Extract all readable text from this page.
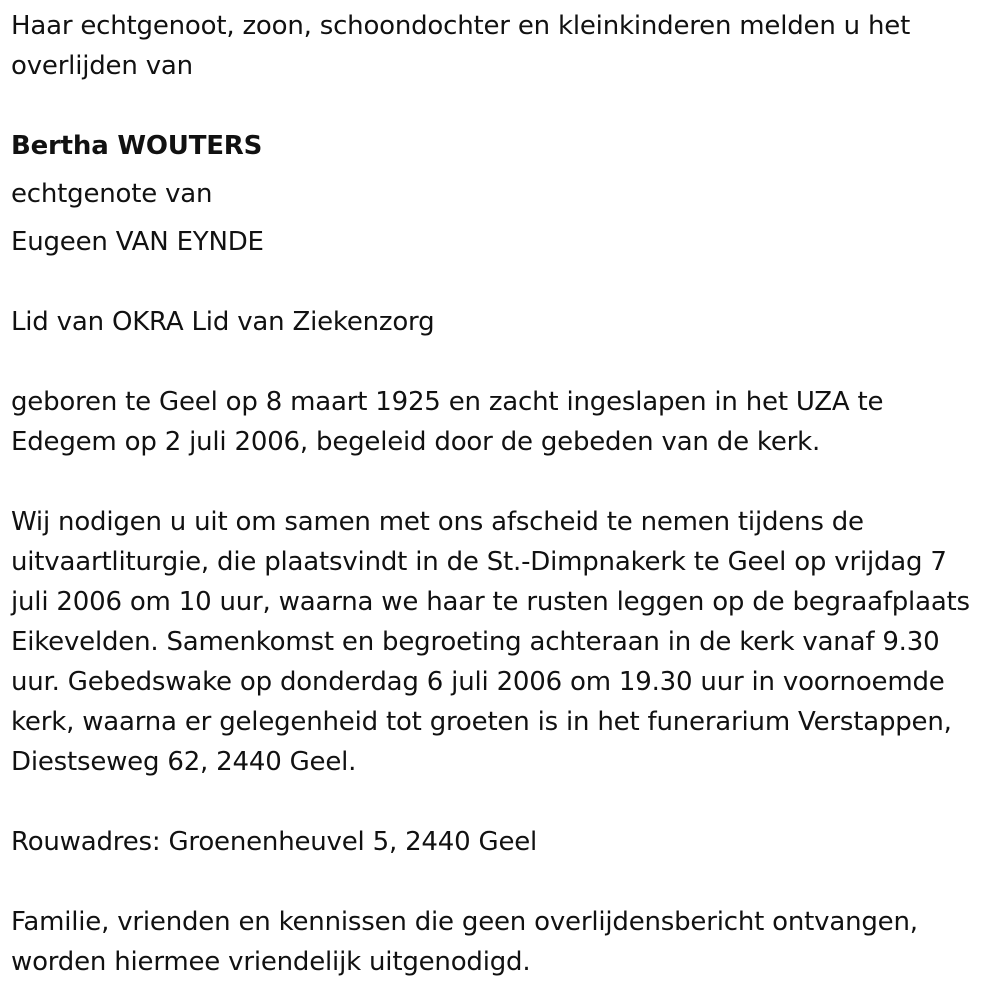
Haar echtgenoot, zoon, schoondochter en kleinkinderen melden u het overlijden van

Bertha WOUTERS

echtgenote van

Eugeen VAN EYNDE

Lid van OKRA Lid van Ziekenzorg

geboren te Geel op 8 maart 1925 en zacht ingeslapen in het UZA te Edegem op 2 juli 2006, begeleid door de gebeden van de kerk.

Wij nodigen u uit om samen met ons afscheid te nemen tijdens de uitvaartliturgie, die plaatsvindt in de St.-Dimpnakerk te Geel op vrijdag 7 juli 2006 om 10 uur, waarna we haar te rusten leggen op de begraafplaats Eikevelden. Samenkomst en begroeting achteraan in de kerk vanaf 9.30 uur. Gebedswake op donderdag 6 juli 2006 om 19.30 uur in voornoemde kerk, waarna er gelegenheid tot groeten is in het funerarium Verstappen, Diestseweg 62, 2440 Geel.

Rouwadres: Groenenheuvel 5, 2440 Geel

Familie, vrienden en kennissen die geen overlijdensbericht ontvangen, worden hiermee vriendelijk uitgenodigd.
